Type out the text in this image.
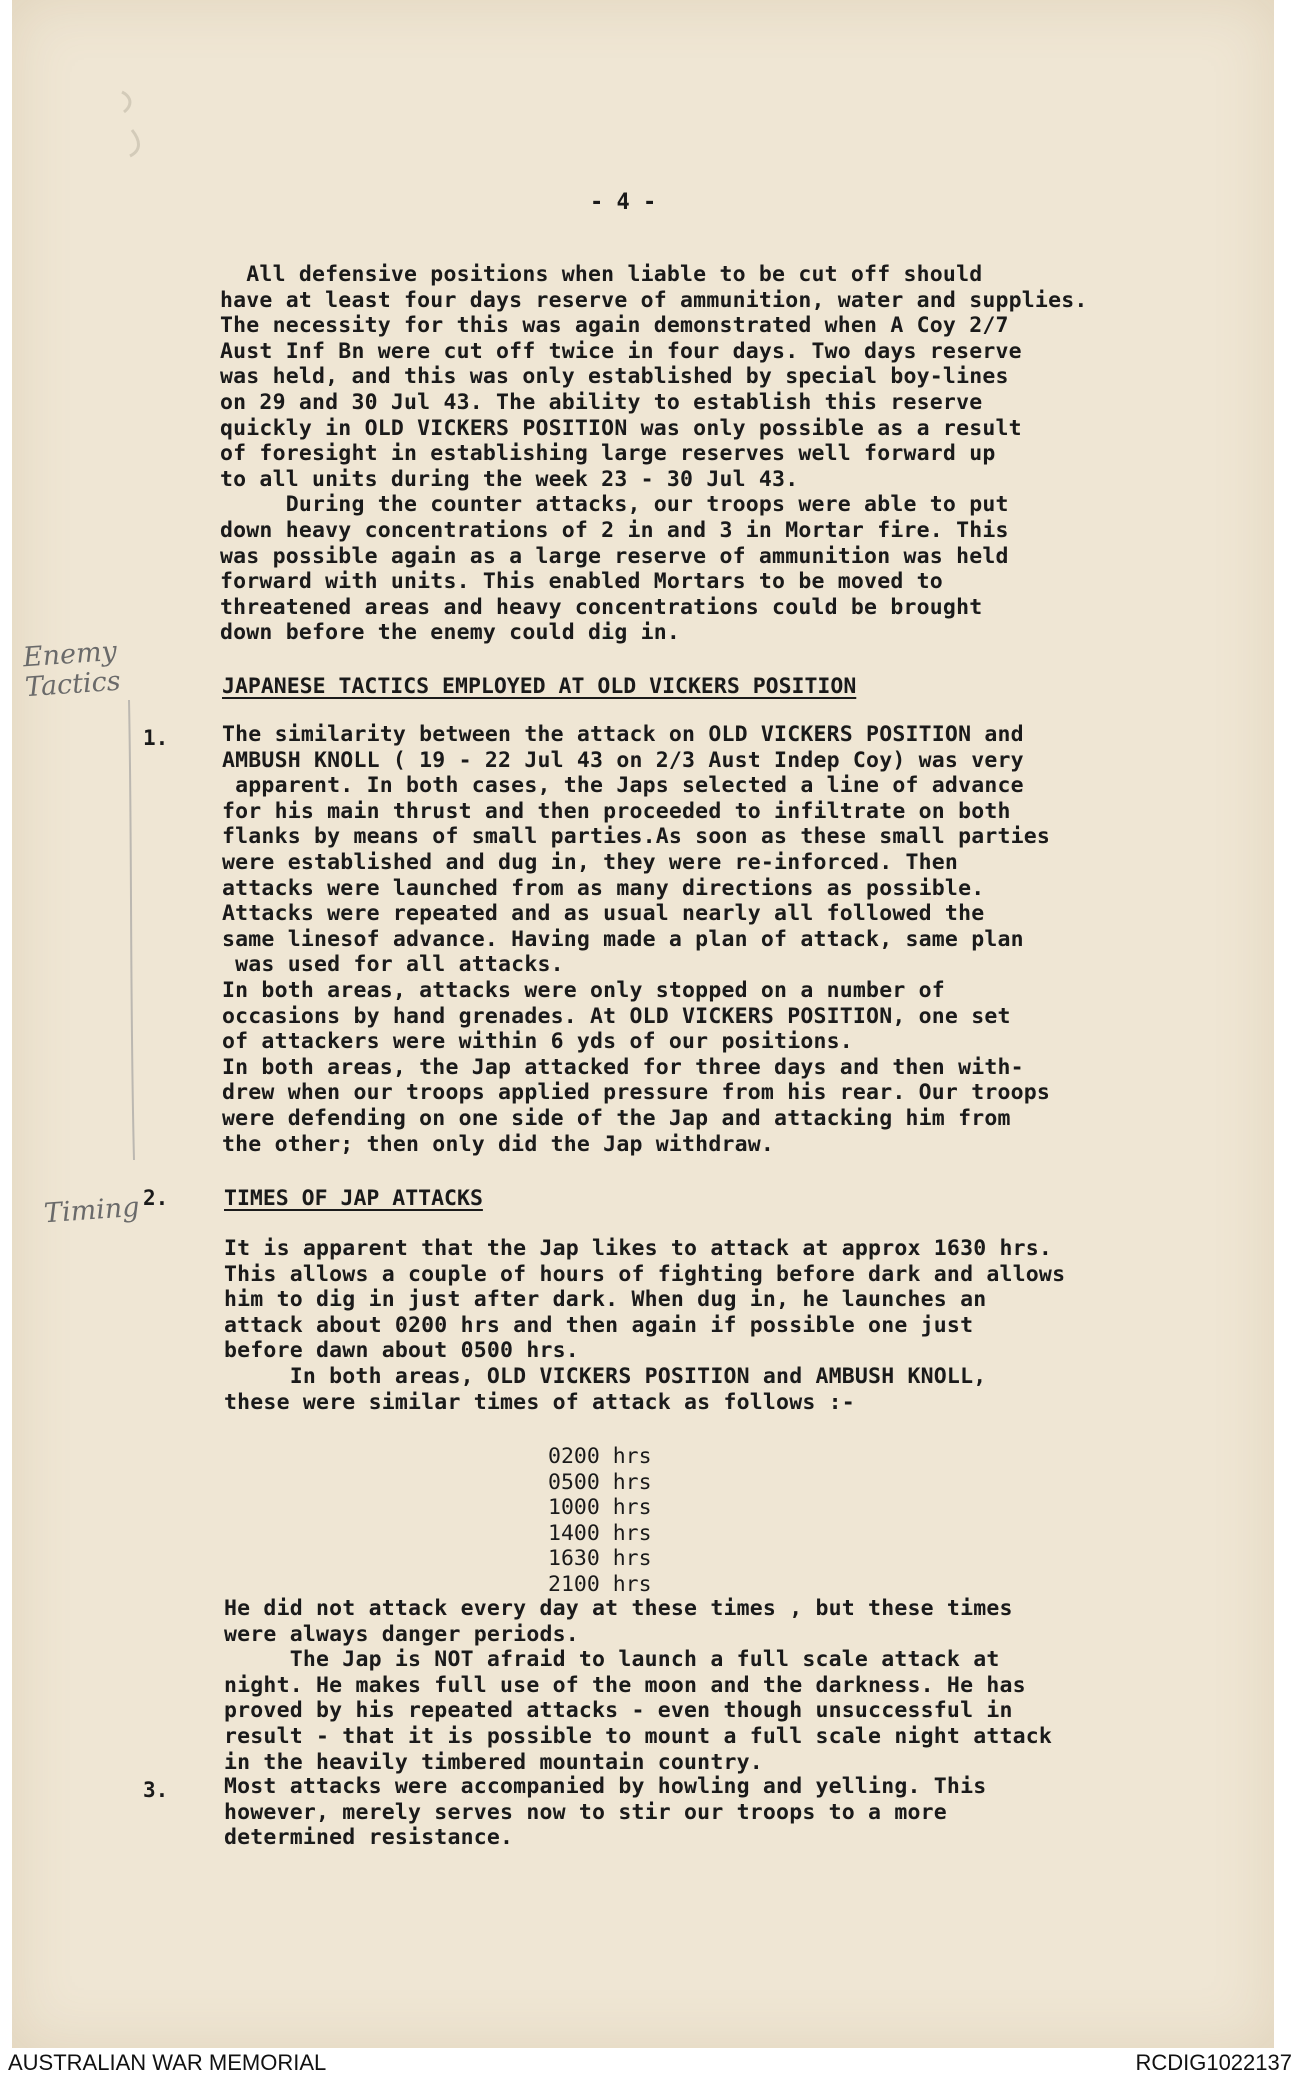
- 4 -
All defensive positions when liable to be cut off should
have at least four days reserve of ammunition, water and supplies.
The necessity for this was again demonstrated when A Coy 2/7
Aust Inf Bn were cut off twice in four days. Two days reserve
was held, and this was only established by special boy-lines
on 29 and 30 Jul 43. The ability to establish this reserve
quickly in OLD VICKERS POSITION was only possible as a result
of foresight in establishing large reserves well forward up
to all units during the week 23 - 30 Jul 43.
During the counter attacks, our troops were able to put
down heavy concentrations of 2 in and 3 in Mortar fire. This
was possible again as a large reserve of ammunition was held
forward with units. This enabled Mortars to be moved to
threatened areas and heavy concentrations could be brought
down before the enemy could dig in.
Enemy
Tactics	JAPANESE TACTICS EMPLOYED AT OLD VICKERS POSITION
1. The similarity between the attack on OLD VICKERS POSITION and
AMBUSH KNOLL ( 19 - 22 Jul 43 on 2/3 Aust Indep Coy) was very
apparent. In both cases, the Japs selected a line of advance
for his main thrust and then proceeded to infiltrate on both
flanks by means of small parties.As soon as these small parties
were established and dug in, they were re-inforced. Then
attacks were launched from as many directions as possible.
Attacks were repeated and as usual nearly all followed the
same linesof advance. Having made a plan of attack, same plan
was used for all attacks.
In both areas, attacks were only stopped on a number of
occasions by hand grenades. At OLD VICKERS POSITION, one set
of attackers were within 6 yds of our positions.
In both areas, the Jap attacked for three days and then with-
drew when our troops applied pressure from his rear. Our troops
were defending on one side of the Jap and attacking him from
the other; then only did the Jap withdraw.
Timing 2.	TIMES OF JAP ATTACKS
It is apparent that the Jap likes to attack at approx 1630 hrs.
This allows a couple of hours of fighting before dark and allows
him to dig in just after dark. When dug in, he launches an
attack about 0200 hrs and then again if possible one just
before dawn about 0500 hrs.
In both areas, OLD VICKERS POSITION and AMBUSH KNOLL,
these were similar times of attack as follows :-
0200 hrs
0500 hrs
1000 hrs
1400 hrs
1630 hrs
2100 hrs
He did not attack every day at these times , but these times
were always danger periods.
The Jap is NOT afraid to launch a full scale attack at
night. He makes full use of the moon and the darkness. He has
proved by his repeated attacks - even though unsuccessful in
result - that it is possible to mount a full scale night attack
in the heavily timbered mountain country.
3.	Most attacks were accompanied by howling and yelling. This
however, merely serves now to stir our troops to a more
determined resistance.
AUSTRALIAN WAR MEMORIAL	RCDIG1022137
